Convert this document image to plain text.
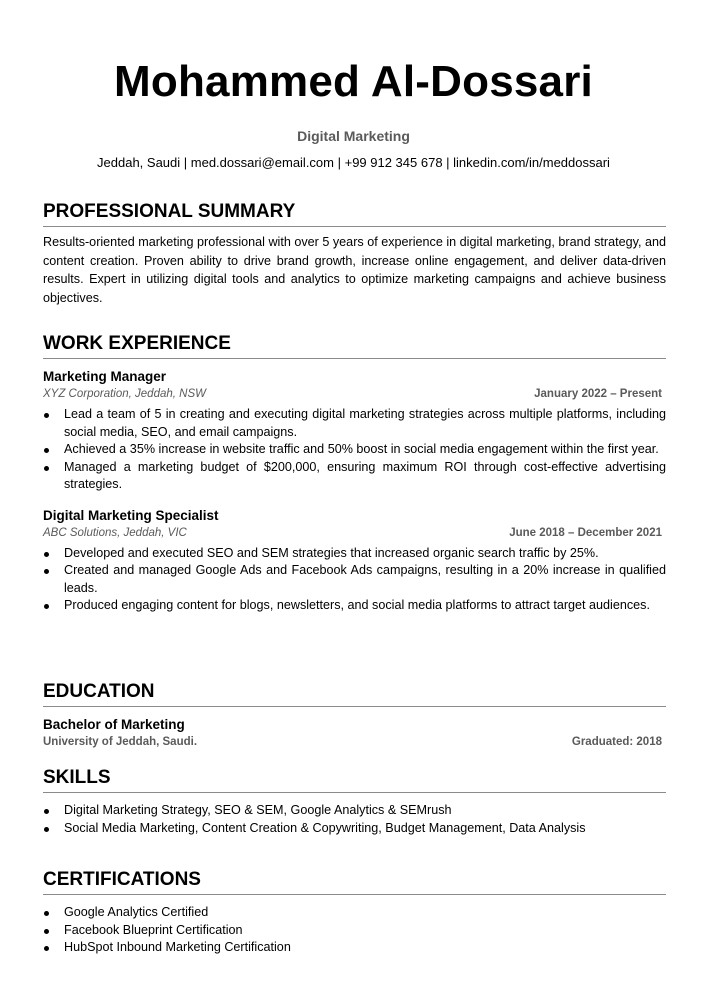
Mohammed Al-Dossari
Digital Marketing
Jeddah, Saudi | med.dossari@email.com | +99 912 345 678 | linkedin.com/in/meddossari
PROFESSIONAL SUMMARY
Results-oriented marketing professional with over 5 years of experience in digital marketing, brand strategy, and content creation. Proven ability to drive brand growth, increase online engagement, and deliver data-driven results. Expert in utilizing digital tools and analytics to optimize marketing campaigns and achieve business objectives.
WORK EXPERIENCE
Marketing Manager
XYZ Corporation, Jeddah, NSW	January 2022 – Present
Lead a team of 5 in creating and executing digital marketing strategies across multiple platforms, including social media, SEO, and email campaigns.
Achieved a 35% increase in website traffic and 50% boost in social media engagement within the first year.
Managed a marketing budget of $200,000, ensuring maximum ROI through cost-effective advertising strategies.
Digital Marketing Specialist
ABC Solutions, Jeddah, VIC	June 2018 – December 2021
Developed and executed SEO and SEM strategies that increased organic search traffic by 25%.
Created and managed Google Ads and Facebook Ads campaigns, resulting in a 20% increase in qualified leads.
Produced engaging content for blogs, newsletters, and social media platforms to attract target audiences.
EDUCATION
Bachelor of Marketing
University of Jeddah, Saudi.	Graduated: 2018
SKILLS
Digital Marketing Strategy, SEO & SEM, Google Analytics & SEMrush
Social Media Marketing, Content Creation & Copywriting, Budget Management, Data Analysis
CERTIFICATIONS
Google Analytics Certified
Facebook Blueprint Certification
HubSpot Inbound Marketing Certification
